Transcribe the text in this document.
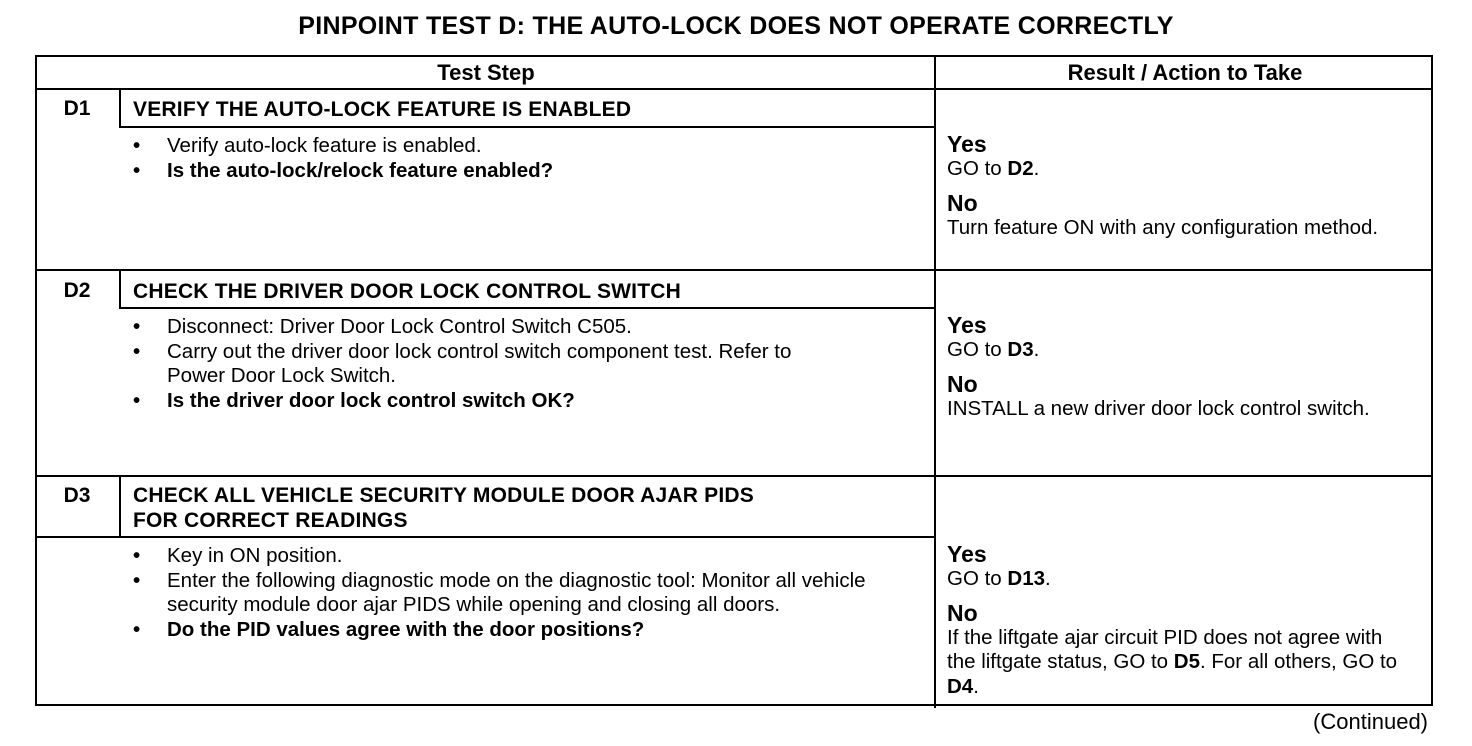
PINPOINT TEST D: THE AUTO-LOCK DOES NOT OPERATE CORRECTLY
Test Step	Result / Action to Take
D1	VERIFY THE AUTO-LOCK FEATURE IS ENABLED
• Verify auto-lock feature is enabled.
• Is the auto-lock/relock feature enabled?
Yes
GO to D2.
No
Turn feature ON with any configuration method.
D2	CHECK THE DRIVER DOOR LOCK CONTROL SWITCH
• Disconnect: Driver Door Lock Control Switch C505.
• Carry out the driver door lock control switch component test. Refer to Power Door Lock Switch.
• Is the driver door lock control switch OK?
Yes
GO to D3.
No
INSTALL a new driver door lock control switch.
D3	CHECK ALL VEHICLE SECURITY MODULE DOOR AJAR PIDS
FOR CORRECT READINGS
• Key in ON position.
• Enter the following diagnostic mode on the diagnostic tool: Monitor all vehicle security module door ajar PIDS while opening and closing all doors.
• Do the PID values agree with the door positions?
Yes
GO to D13.
No
If the liftgate ajar circuit PID does not agree with the liftgate status, GO to D5. For all others, GO to D4.
(Continued)
